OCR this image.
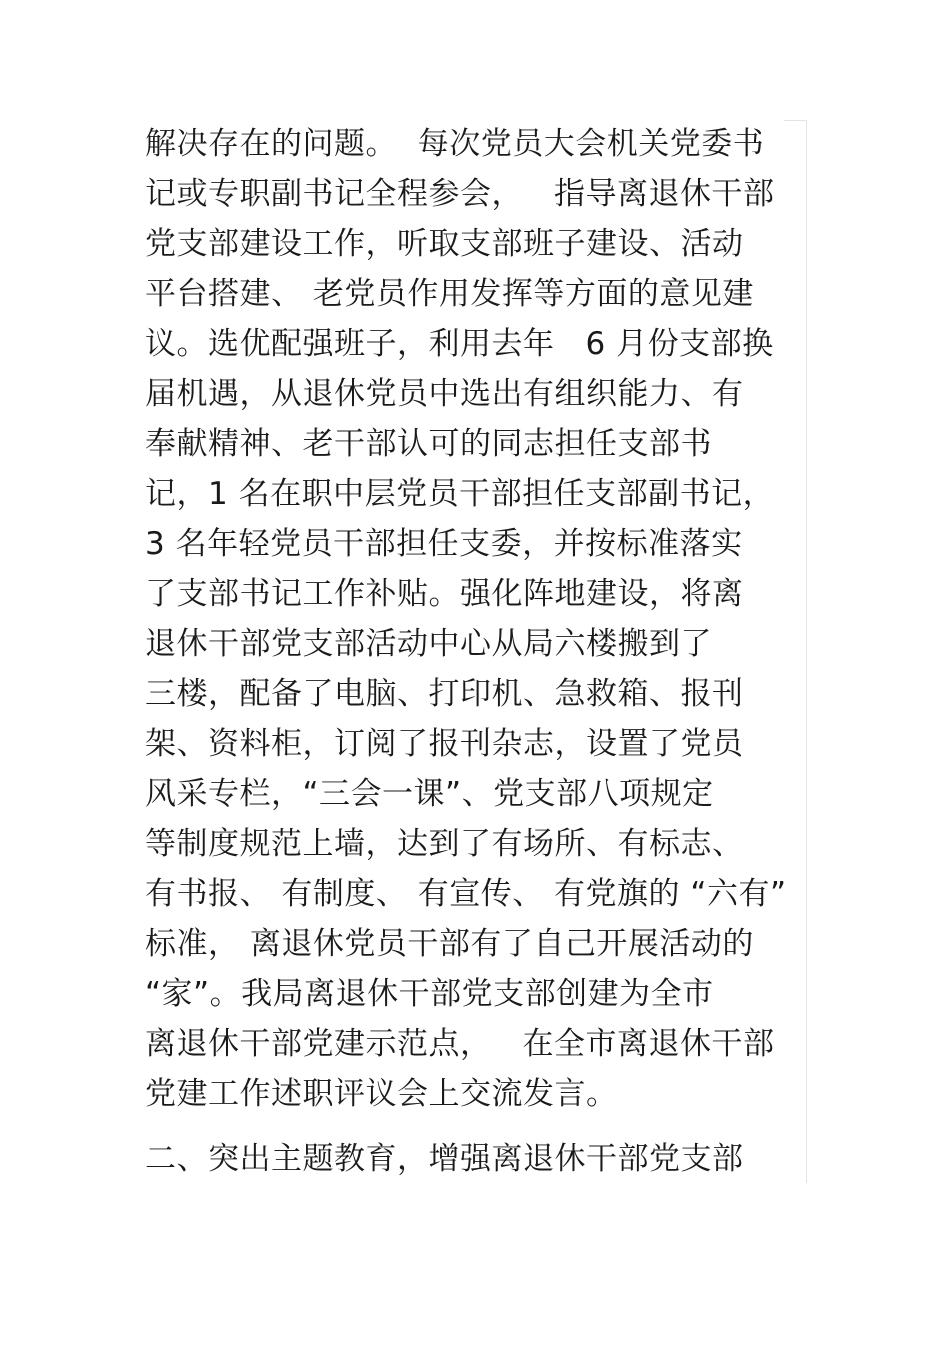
解决存在的问题。  每次党员大会机关党委书
记或专职副书记全程参会，   指导离退休干部
党支部建设工作，听取支部班子建设、活动
平台搭建、 老党员作用发挥等方面的意见建
议。选优配强班子，利用去年   6 月份支部换
届机遇，从退休党员中选出有组织能力、有
奉献精神、老干部认可的同志担任支部书
记，1 名在职中层党员干部担任支部副书记，
3 名年轻党员干部担任支委，并按标准落实
了支部书记工作补贴。强化阵地建设，将离
退休干部党支部活动中心从局六楼搬到了
三楼，配备了电脑、打印机、急救箱、报刊
架、资料柜，订阅了报刊杂志，设置了党员
风采专栏，“三会一课”、党支部八项规定
等制度规范上墙，达到了有场所、有标志、
有书报、 有制度、 有宣传、 有党旗的 “六有”
标准， 离退休党员干部有了自己开展活动的
“家”。我局离退休干部党支部创建为全市
离退休干部党建示范点，   在全市离退休干部
党建工作述职评议会上交流发言。
二、突出主题教育，增强离退休干部党支部
